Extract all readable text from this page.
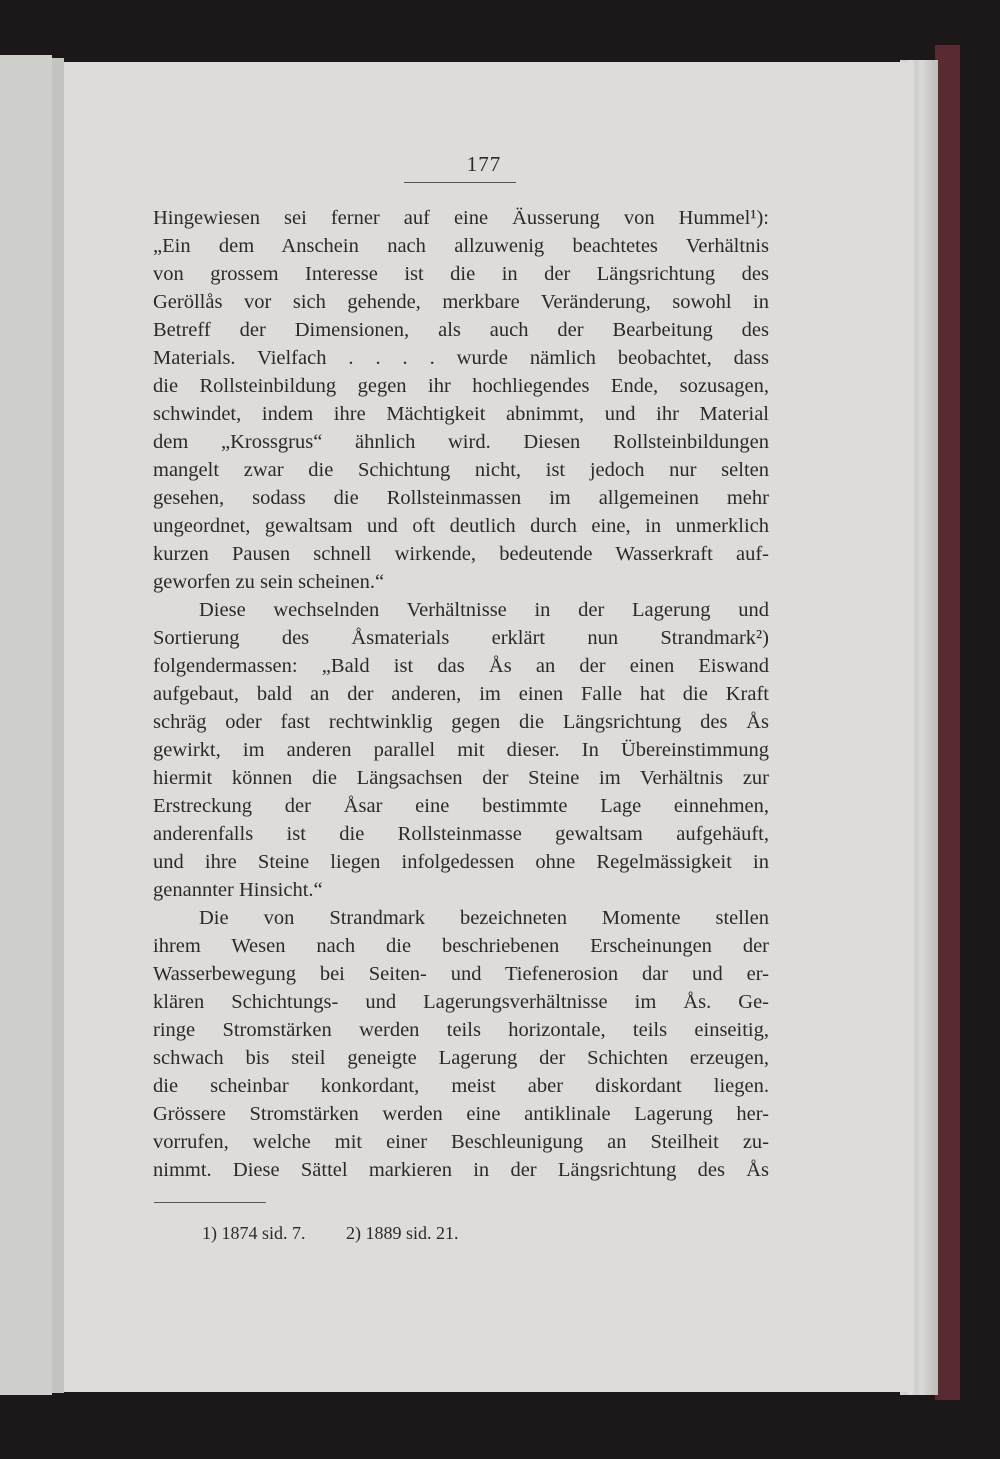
177
Hingewiesen sei ferner auf eine Äusserung von Hummel¹):
„Ein dem Anschein nach allzuwenig beachtetes Verhältnis
von grossem Interesse ist die in der Längsrichtung des
Geröllås vor sich gehende, merkbare Veränderung, sowohl in
Betreff der Dimensionen, als auch der Bearbeitung des
Materials. Vielfach . . . . wurde nämlich beobachtet, dass
die Rollsteinbildung gegen ihr hochliegendes Ende, sozusagen,
schwindet, indem ihre Mächtigkeit abnimmt, und ihr Material
dem „Krossgrus“ ähnlich wird. Diesen Rollsteinbildungen
mangelt zwar die Schichtung nicht, ist jedoch nur selten
gesehen, sodass die Rollsteinmassen im allgemeinen mehr
ungeordnet, gewaltsam und oft deutlich durch eine, in unmerklich
kurzen Pausen schnell wirkende, bedeutende Wasserkraft auf-
geworfen zu sein scheinen.“
Diese wechselnden Verhältnisse in der Lagerung und
Sortierung des Åsmaterials erklärt nun Strandmark²)
folgendermassen: „Bald ist das Ås an der einen Eiswand
aufgebaut, bald an der anderen, im einen Falle hat die Kraft
schräg oder fast rechtwinklig gegen die Längsrichtung des Ås
gewirkt, im anderen parallel mit dieser. In Übereinstimmung
hiermit können die Längsachsen der Steine im Verhältnis zur
Erstreckung der Åsar eine bestimmte Lage einnehmen,
anderenfalls ist die Rollsteinmasse gewaltsam aufgehäuft,
und ihre Steine liegen infolgedessen ohne Regelmässigkeit in
genannter Hinsicht.“
Die von Strandmark bezeichneten Momente stellen
ihrem Wesen nach die beschriebenen Erscheinungen der
Wasserbewegung bei Seiten- und Tiefenerosion dar und er-
klären Schichtungs- und Lagerungsverhältnisse im Ås. Ge-
ringe Stromstärken werden teils horizontale, teils einseitig,
schwach bis steil geneigte Lagerung der Schichten erzeugen,
die scheinbar konkordant, meist aber diskordant liegen.
Grössere Stromstärken werden eine antiklinale Lagerung her-
vorrufen, welche mit einer Beschleunigung an Steilheit zu-
nimmt. Diese Sättel markieren in der Längsrichtung des Ås
1) 1874 sid. 7. 2) 1889 sid. 21.
